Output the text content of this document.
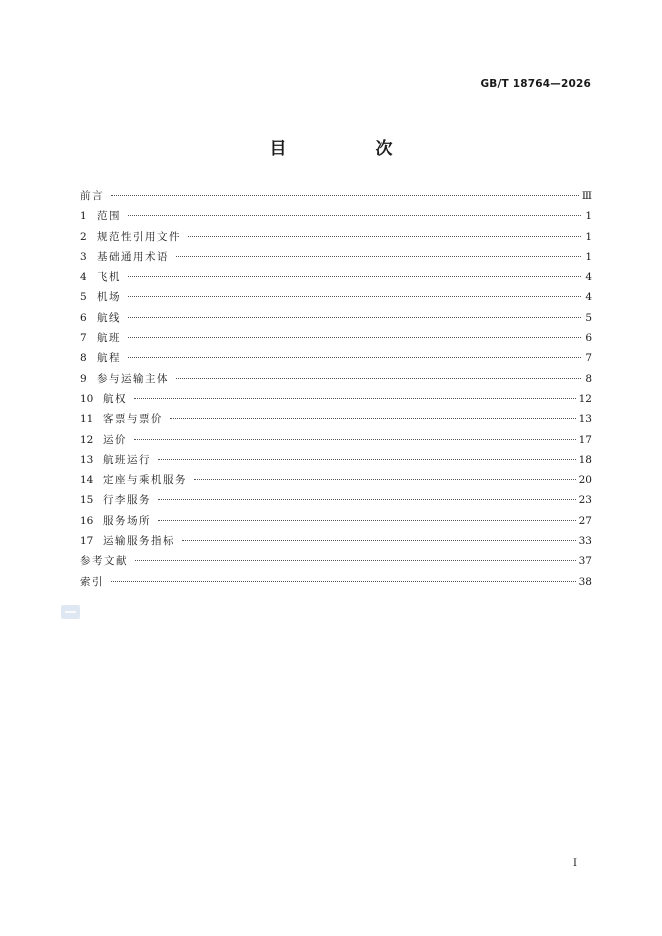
GB/T 18764—2026
目　次
前言	Ⅲ
1 范围	1
2 规范性引用文件	1
3 基础通用术语	1
4 飞机	4
5 机场	4
6 航线	5
7 航班	6
8 航程	7
9 参与运输主体	8
10 航权	12
11 客票与票价	13
12 运价	17
13 航班运行	18
14 定座与乘机服务	20
15 行李服务	23
16 服务场所	27
17 运输服务指标	33
参考文献	37
索引	38
I
